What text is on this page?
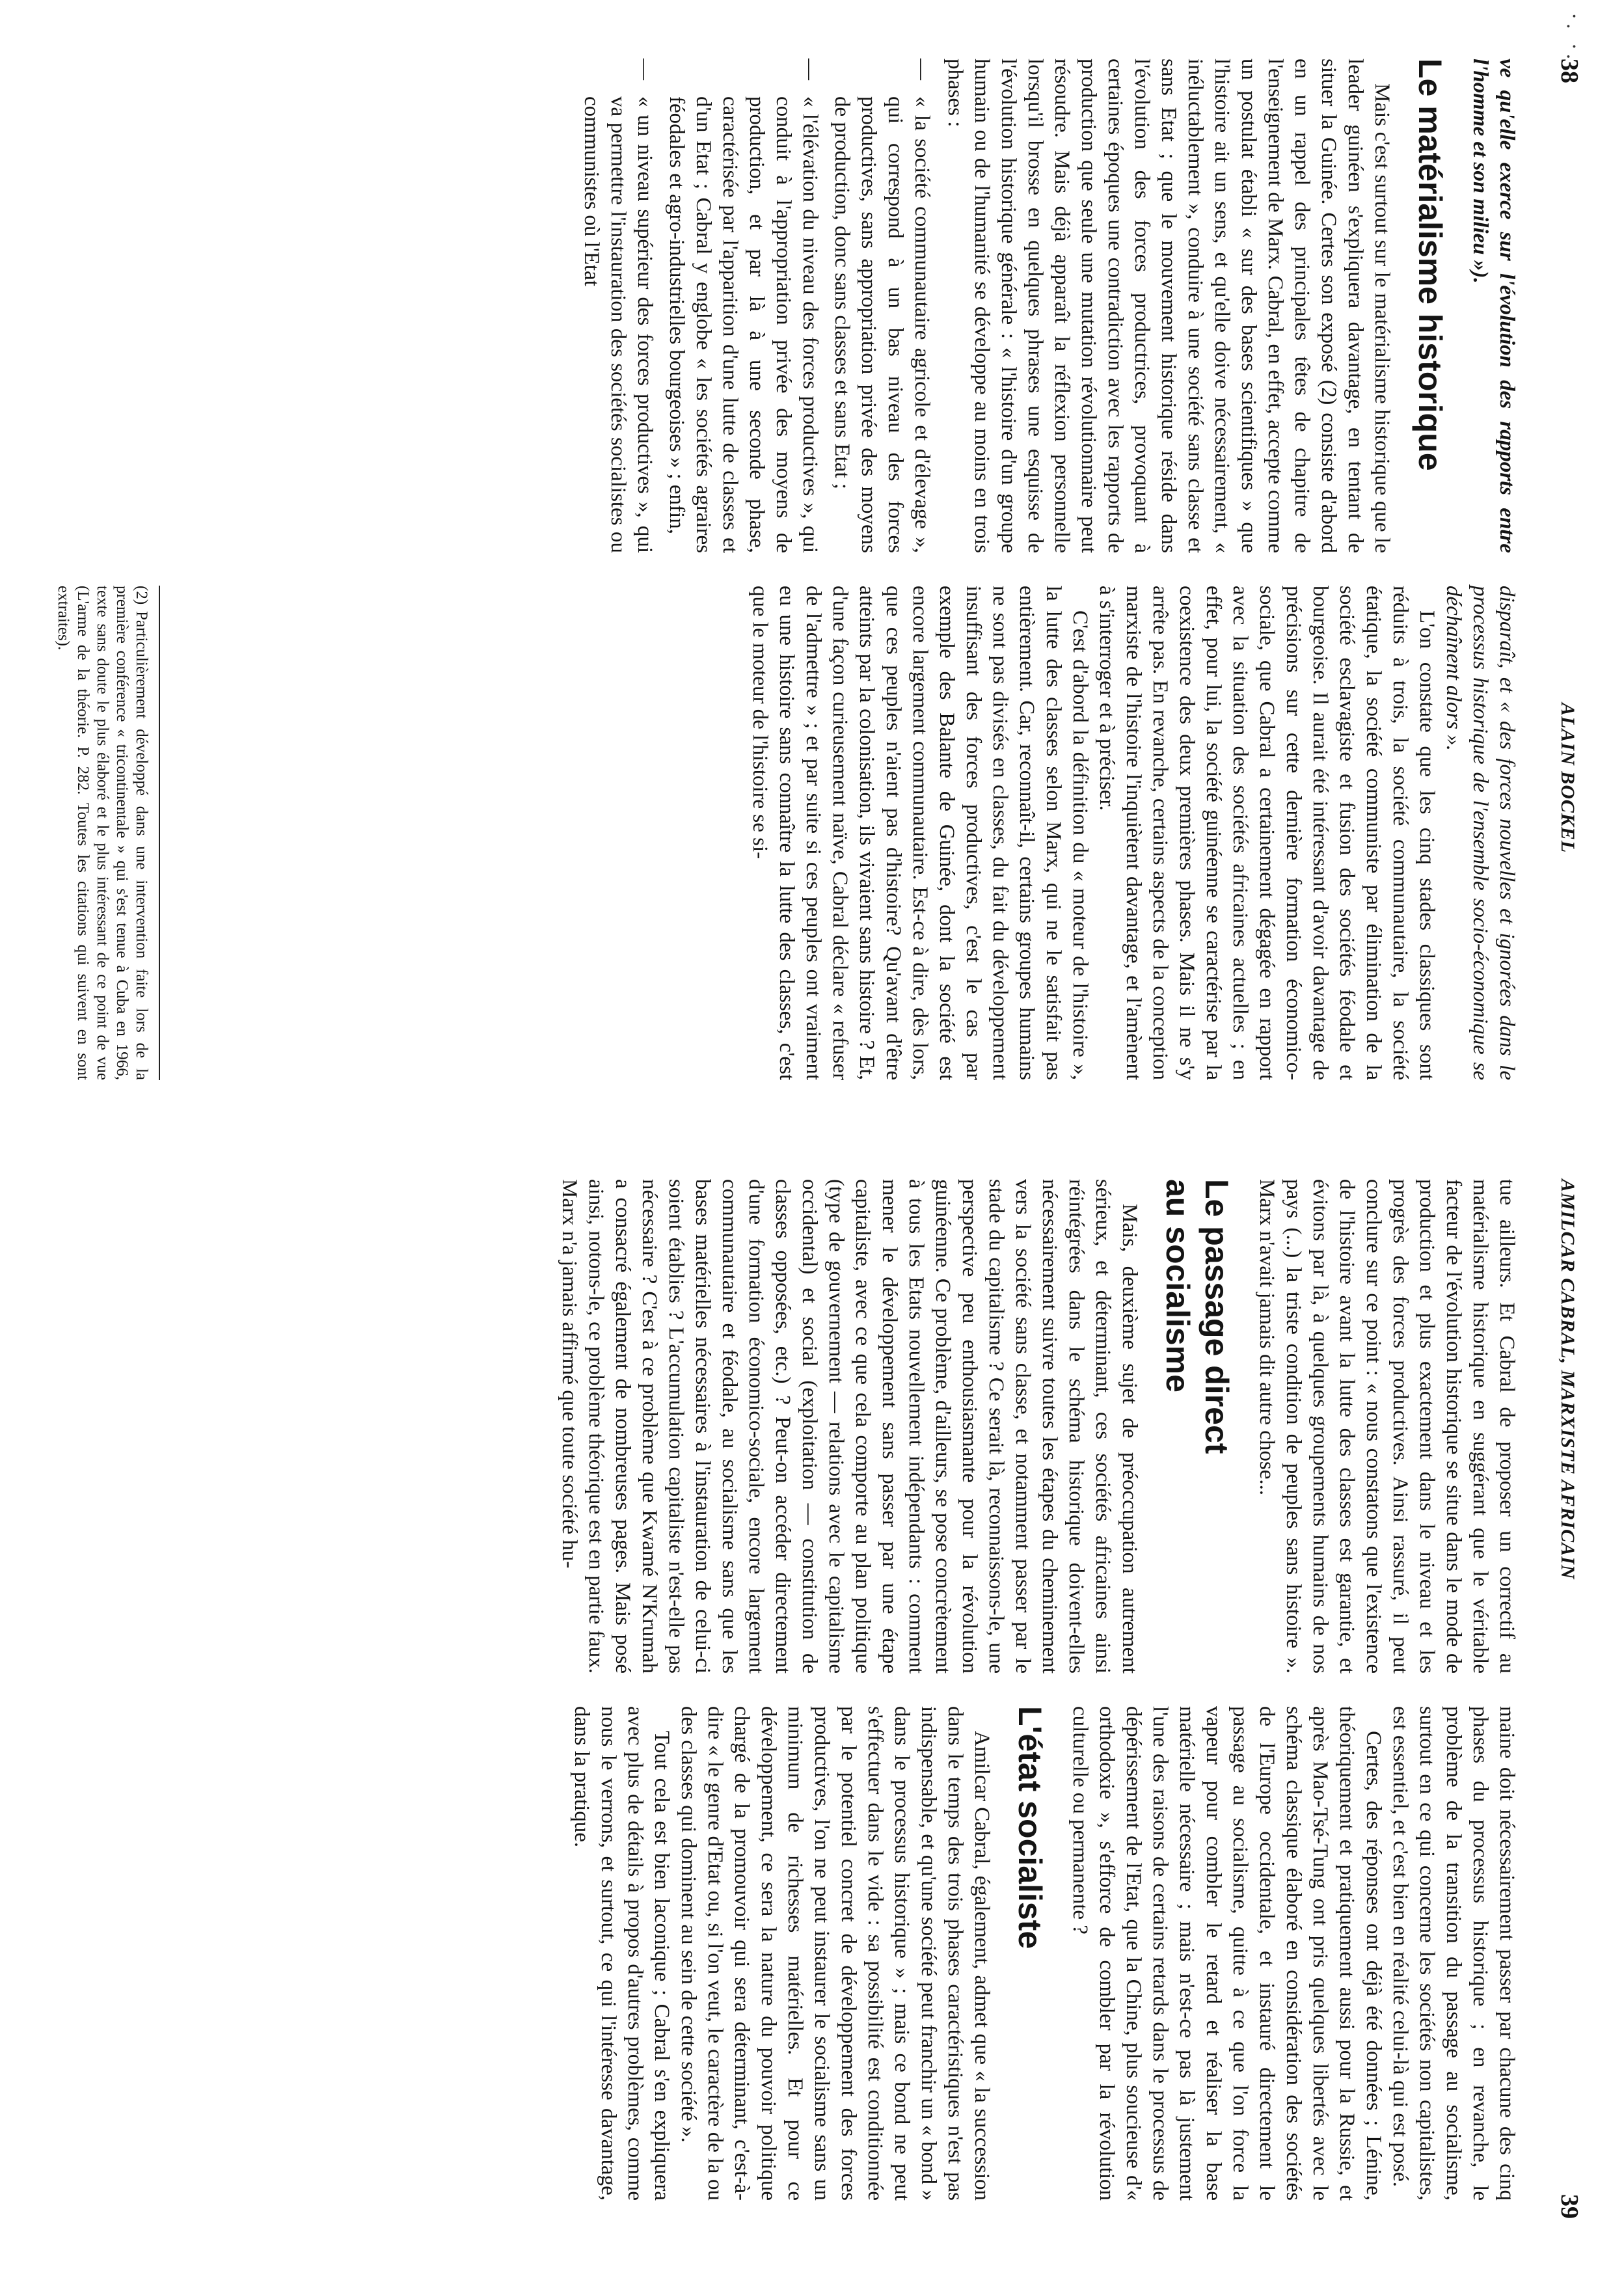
·. ·.
38
ALAIN BOCKEL

ve qu'elle exerce sur l'évolution des rapports entre l'homme et son milieu »).

Le matérialisme historique

Mais c'est surtout sur le matérialisme historique que le leader guinéen s'expliquera davantage, en tentant de situer la Guinée. Certes son exposé (2) consiste d'abord en un rappel des principales têtes de chapitre de l'enseignement de Marx. Cabral, en effet, accepte comme un postulat établi « sur des bases scientifiques » que l'histoire ait un sens, et qu'elle doive nécessairement, « inéluctablement », conduire à une société sans classe et sans Etat ; que le mouvement historique réside dans l'évolution des forces productrices, provoquant à certaines époques une contradiction avec les rapports de production que seule une mutation révolutionnaire peut résoudre. Mais déjà apparaît la réflexion personnelle lorsqu'il brosse en quelques phrases une esquisse de l'évolution historique générale : « l'histoire d'un groupe humain ou de l'humanité se développe au moins en trois phases :

—
« la société communautaire agricole et d'élevage », qui correspond à un bas niveau des forces productives, sans appropriation privée des moyens de production, donc sans classes et sans Etat ;
—
« l'élévation du niveau des forces productives », qui conduit à l'appropriation privée des moyens de production, et par là à une seconde phase, caractérisée par l'apparition d'une lutte de classes et d'un Etat ; Cabral y englobe « les sociétés agraires féodales et agro-industrielles bourgeoises » ; enfin,
—
« un niveau supérieur des forces productives », qui va permettre l'instauration des sociétés socialistes ou communistes où l'Etat

disparaît, et « des forces nouvelles et ignorées dans le processus historique de l'ensemble socio-économique se déchaînent alors ».

L'on constate que les cinq stades classiques sont réduits à trois, la société communautaire, la société étatique, la société communiste par élimination de la société esclavagiste et fusion des sociétés féodale et bourgeoise. Il aurait été intéressant d'avoir davantage de précisions sur cette dernière formation économico-sociale, que Cabral a certainement dégagée en rapport avec la situation des sociétés africaines actuelles ; en effet, pour lui, la société guinéenne se caractérise par la coexistence des deux premières phases. Mais il ne s'y arrête pas. En revanche, certains aspects de la conception marxiste de l'histoire l'inquiètent davantage, et l'amènent à s'interroger et à préciser.

C'est d'abord la définition du « moteur de l'histoire », la lutte des classes selon Marx, qui ne le satisfait pas entièrement. Car, reconnaît-il, certains groupes humains ne sont pas divisés en classes, du fait du développement insuffisant des forces productives, c'est le cas par exemple des Balante de Guinée, dont la société est encore largement communautaire. Est-ce à dire, dès lors, que ces peuples n'aient pas d'histoire? Qu'avant d'être atteints par la colonisation, ils vivaient sans histoire ? Et, d'une façon curieusement naïve, Cabral déclare « refuser de l'admettre » ; et par suite si ces peuples ont vraiment eu une histoire sans connaître la lutte des classes, c'est que le moteur de l'histoire se si-

(2)Particulièrement développé dans une intervention faite lors de la première conférence « tricontinentale » qui s'est tenue à Cuba en 1966, texte sans doute le plus élaboré et le plus intéressant de ce point de vue (L'arme de la théorie. P. 282. Toutes les citations qui suivent en sont extraites).
AMILCAR CABRAL, MARXISTE AFRICAIN
39

tue ailleurs. Et Cabral de proposer un correctif au matérialisme historique en suggérant que le véritable facteur de l'évolution historique se situe dans le mode de production et plus exactement dans le niveau et les progrès des forces productives. Ainsi rassuré, il peut conclure sur ce point : « nous constatons que l'existence de l'histoire avant la lutte des classes est garantie, et évitons par là, à quelques groupements humains de nos pays (...) la triste condition de peuples sans histoire ». Marx n'avait jamais dit autre chose...

Le passage direct
au socialisme

Mais, deuxième sujet de préoccupation autrement sérieux, et déterminant, ces sociétés africaines ainsi réintégrées dans le schéma historique doivent-elles nécessairement suivre toutes les étapes du cheminement vers la société sans classe, et notamment passer par le stade du capitalisme ? Ce serait là, reconnaissons-le, une perspective peu enthousiasmante pour la révolution guinéenne. Ce problème, d'ailleurs, se pose concrètement à tous les Etats nouvellement indépendants : comment mener le développement sans passer par une étape capitaliste, avec ce que cela comporte au plan politique (type de gouvernement — relations avec le capitalisme occidental) et social (exploitation — constitution de classes opposées, etc.) ? Peut-on accéder directement d'une formation économico-sociale, encore largement communautaire et féodale, au socialisme sans que les bases matérielles nécessaires à l'instauration de celui-ci soient établies ? L'accumulation capitaliste n'est-elle pas nécessaire ? C'est à ce problème que Kwamé N'Krumah a consacré également de nombreuses pages. Mais posé ainsi, notons-le, ce problème théorique est en partie faux. Marx n'a jamais affirmé que toute société hu-

maine doit nécessairement passer par chacune des cinq phases du processus historique ; en revanche, le problème de la transition du passage au socialisme, surtout en ce qui concerne les sociétés non capitalistes, est essentiel, et c'est bien en réalité celui-là qui est posé.

Certes, des réponses ont déjà été données ; Lénine, théoriquement et pratiquement aussi pour la Russie, et après Mao-Tsé-Tung ont pris quelques libertés avec le schéma classique élaboré en considération des sociétés de l'Europe occidentale, et instauré directement le passage au socialisme, quitte à ce que l'on force la vapeur pour combler le retard et réaliser la base matérielle nécessaire ; mais n'est-ce pas là justement l'une des raisons de certains retards dans le processus de dépérissement de l'Etat, que la Chine, plus soucieuse d'« orthodoxie », s'efforce de combler par la révolution culturelle ou permanente ?

L'état socialiste

Amilcar Cabral, également, admet que « la succession dans le temps des trois phases caractéristiques n'est pas indispensable, et qu'une société peut franchir un « bond » dans le processus historique » ; mais ce bond ne peut s'effectuer dans le vide : sa possibilité est conditionnée par le potentiel concret de développement des forces productives, l'on ne peut instaurer le socialisme sans un minimum de richesses matérielles. Et pour ce développement, ce sera la nature du pouvoir politique chargé de la promouvoir qui sera déterminant, c'est-à-dire « le genre d'Etat ou, si l'on veut, le caractère de la ou des classes qui dominent au sein de cette société ».

Tout cela est bien laconique ; Cabral s'en expliquera avec plus de détails à propos d'autres problèmes, comme nous le verrons, et surtout, ce qui l'intéresse davantage, dans la pratique.
